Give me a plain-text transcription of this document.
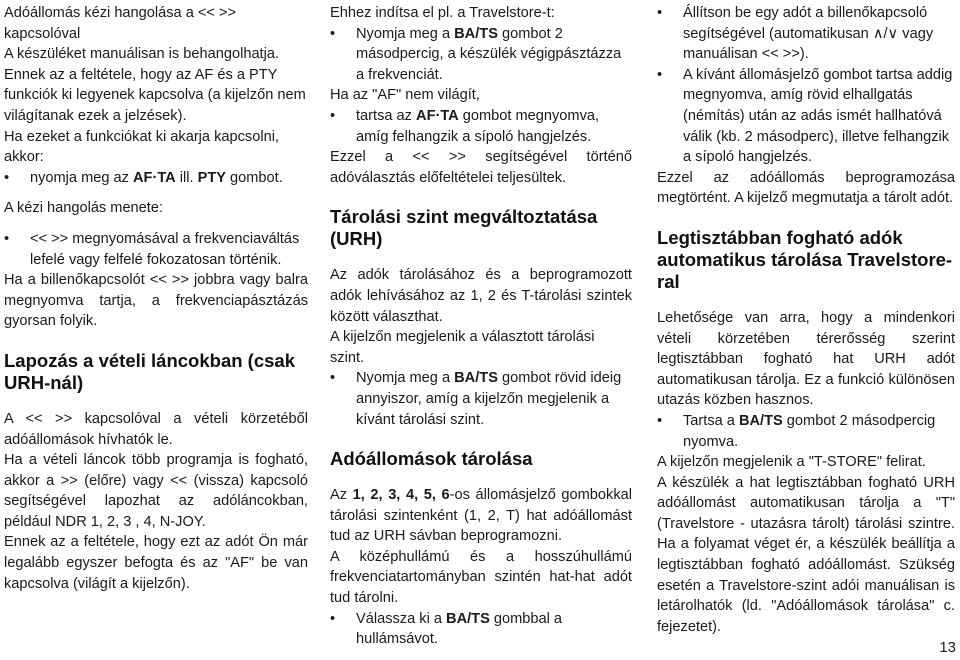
Adóállomás kézi hangolása a << >> kapcsolóval

A készüléket manuálisan is behangolhatja.

Ennek az a feltétele, hogy az AF és a PTY funkciók ki legyenek kapcsolva (a kijelzőn nem világítanak ezek a jelzések).

Ha ezeket a funkciókat ki akarja kapcsolni, akkor:

• nyomja meg az AF·TA ill. PTY gombot.

A kézi hangolás menete:

• << >> megnyomásával a frekvenciaváltás lefelé vagy felfelé fokozatosan történik.

Ha a billenőkapcsolót << >> jobbra vagy balra megnyomva tartja, a frekvenciapásztázás gyorsan folyik.

Lapozás a vételi láncokban (csak URH-nál)

A << >> kapcsolóval a vételi körzetéből adóállomások hívhatók le.

Ha a vételi láncok több programja is fogható, akkor a >> (előre) vagy << (vissza) kapcsoló segítségével lapozhat az adóláncokban, például NDR 1, 2, 3 , 4, N-JOY.

Ennek az a feltétele, hogy ezt az adót Ön már legalább egyszer befogta és az "AF" be van kapcsolva (világít a kijelzőn).

Ehhez indítsa el pl. a Travelstore-t:

• Nyomja meg a BA/TS gombot 2 másodpercig, a készülék végigpásztázza a frekvenciát.

Ha az "AF" nem világít,

• tartsa az AF·TA gombot megnyomva, amíg felhangzik a sípoló hangjelzés.

Ezzel a << >> segítségével történő adóválasztás előfeltételei teljesültek.

Tárolási szint megváltoztatása (URH)

Az adók tárolásához és a beprogramozott adók lehívásához az 1, 2 és T-tárolási szintek között választhat.

A kijelzőn megjelenik a választott tárolási szint.

• Nyomja meg a BA/TS gombot rövid ideig annyiszor, amíg a kijelzőn megjelenik a kívánt tárolási szint.
Adóállomások tárolása

Az 1, 2, 3, 4, 5, 6-os állomásjelző gombokkal tárolási szintenként (1, 2, T) hat adóállomást tud az URH sávban beprogramozni.

A középhullámú és a hosszúhullámú frekvenciatartományban szintén hat-hat adót tud tárolni.

• Válassza ki a BA/TS gombbal a hullámsávot.
• Állítson be egy adót a billenőkapcsoló segítségével (automatikusan ∧/∨ vagy manuálisan << >>).
• A kívánt állomásjelző gombot tartsa addig megnyomva, amíg rövid elhallgatás (némítás) után az adás ismét hallhatóvá válik (kb. 2 másodperc), illetve felhangzik a sípoló hangjelzés.

Ezzel az adóállomás beprogramozása megtörtént. A kijelző megmutatja a tárolt adót.

Legtisztábban fogható adók automatikus tárolása Travelstore-ral

Lehetősége van arra, hogy a mindenkori vételi körzetében térerősség szerint legtisztábban fogható hat URH adót automatikusan tárolja. Ez a funkció különösen utazás közben hasznos.

• Tartsa a BA/TS gombot 2 másodpercig nyomva.

A kijelzőn megjelenik a "T-STORE" felirat.

A készülék a hat legtisztábban fogható URH adóállomást automatikusan tárolja a "T" (Travelstore - utazásra tárolt) tárolási szintre. Ha a folyamat véget ér, a készülék beállítja a legtisztábban fogható adóállomást. Szükség esetén a Travelstore-szint adói manuálisan is letárolhatók (ld. "Adóállomások tárolása" c. fejezetet).

13
